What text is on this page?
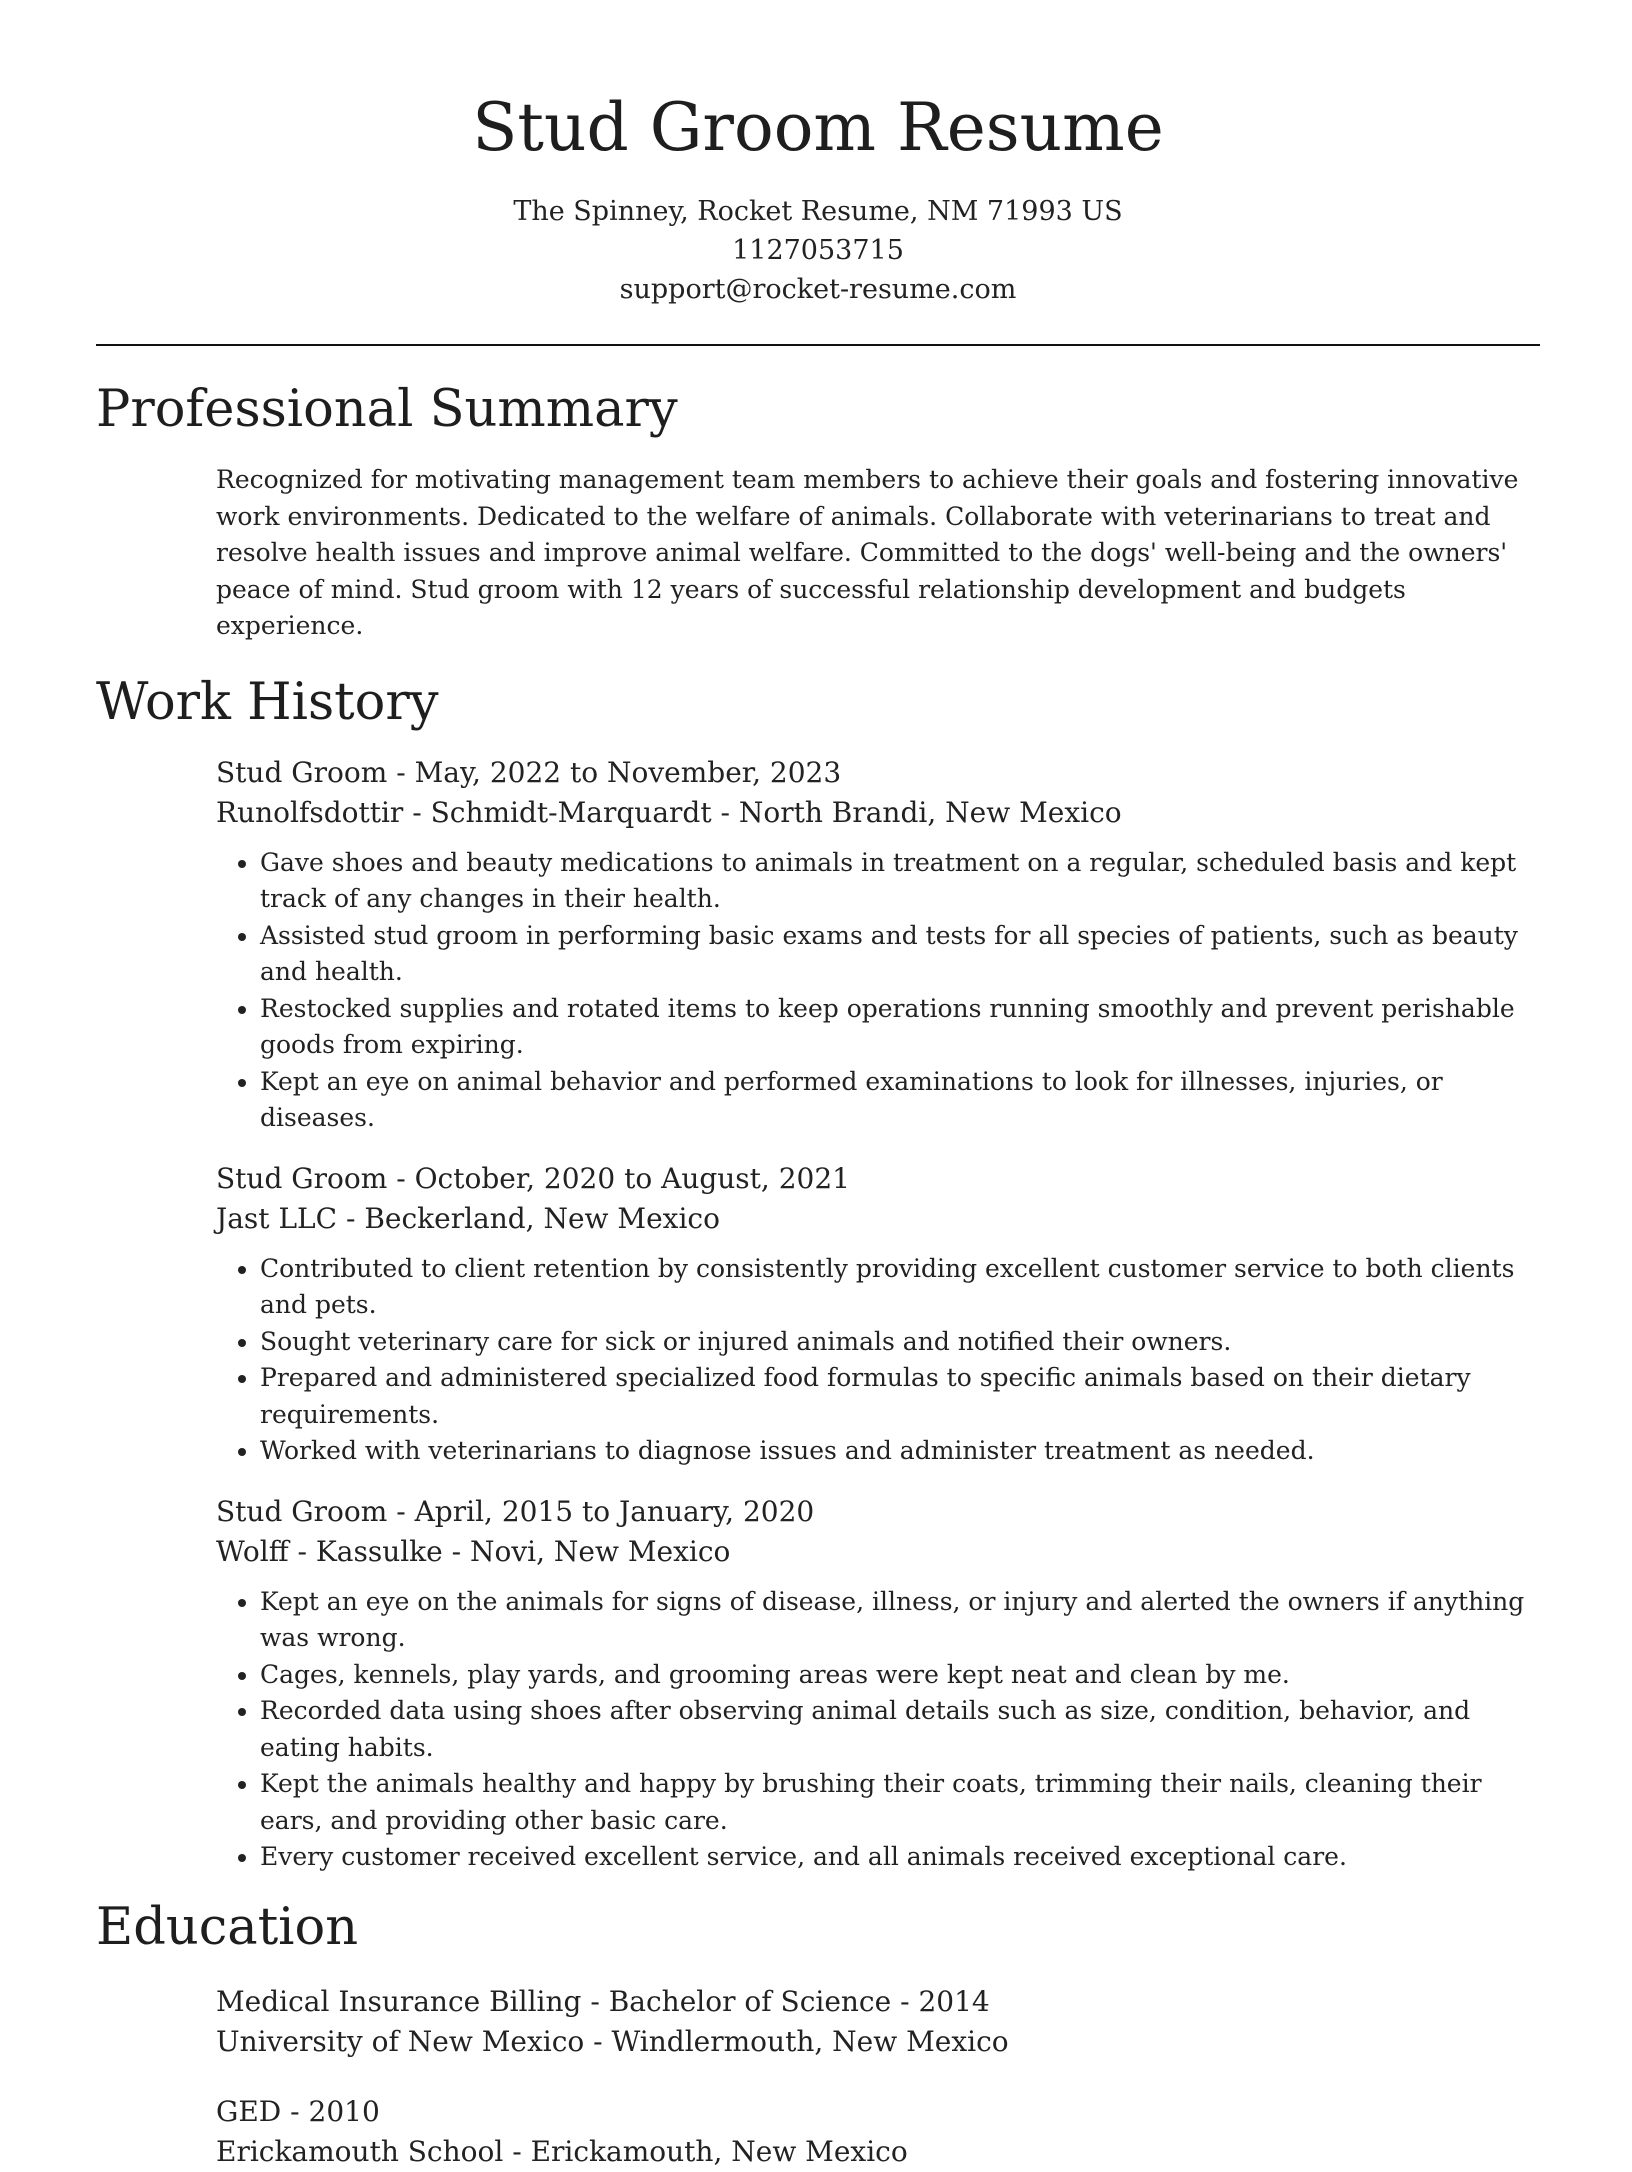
Stud Groom Resume
The Spinney, Rocket Resume, NM 71993 US
1127053715
support@rocket-resume.com
Professional Summary
Recognized for motivating management team members to achieve their goals and fostering innovative work environments. Dedicated to the welfare of animals. Collaborate with veterinarians to treat and resolve health issues and improve animal welfare. Committed to the dogs' well-being and the owners' peace of mind. Stud groom with 12 years of successful relationship development and budgets experience.
Work History
Stud Groom - May, 2022 to November, 2023
Runolfsdottir - Schmidt-Marquardt - North Brandi, New Mexico
• Gave shoes and beauty medications to animals in treatment on a regular, scheduled basis and kept track of any changes in their health.
• Assisted stud groom in performing basic exams and tests for all species of patients, such as beauty and health.
• Restocked supplies and rotated items to keep operations running smoothly and prevent perishable goods from expiring.
• Kept an eye on animal behavior and performed examinations to look for illnesses, injuries, or diseases.
Stud Groom - October, 2020 to August, 2021
Jast LLC - Beckerland, New Mexico
• Contributed to client retention by consistently providing excellent customer service to both clients and pets.
• Sought veterinary care for sick or injured animals and notified their owners.
• Prepared and administered specialized food formulas to specific animals based on their dietary requirements.
• Worked with veterinarians to diagnose issues and administer treatment as needed.
Stud Groom - April, 2015 to January, 2020
Wolff - Kassulke - Novi, New Mexico
• Kept an eye on the animals for signs of disease, illness, or injury and alerted the owners if anything was wrong.
• Cages, kennels, play yards, and grooming areas were kept neat and clean by me.
• Recorded data using shoes after observing animal details such as size, condition, behavior, and eating habits.
• Kept the animals healthy and happy by brushing their coats, trimming their nails, cleaning their ears, and providing other basic care.
• Every customer received excellent service, and all animals received exceptional care.
Education
Medical Insurance Billing - Bachelor of Science - 2014
University of New Mexico - Windlermouth, New Mexico
GED - 2010
Erickamouth School - Erickamouth, New Mexico
